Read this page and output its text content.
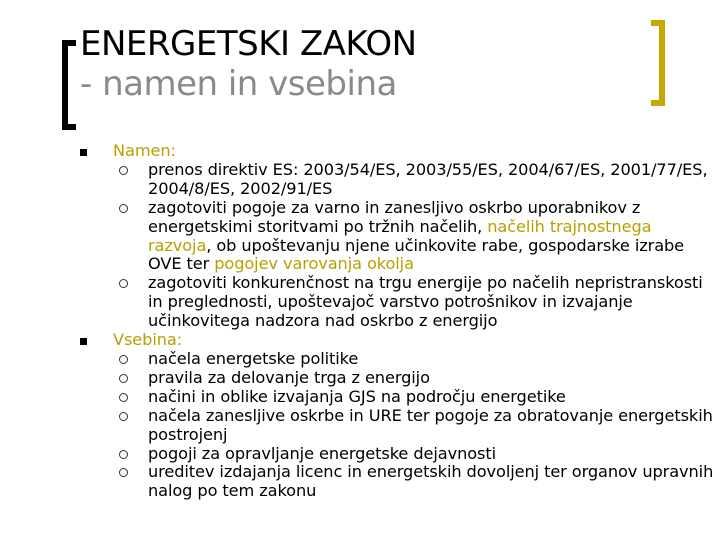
ENERGETSKI ZAKON
- namen in vsebina
Namen:
prenos direktiv ES: 2003/54/ES, 2003/55/ES, 2004/67/ES, 2001/77/ES, 2004/8/ES, 2002/91/ES
zagotoviti pogoje za varno in zanesljivo oskrbo uporabnikov z energetskimi storitvami po tržnih načelih, načelih trajnostnega razvoja, ob upoštevanju njene učinkovite rabe, gospodarske izrabe OVE ter pogojev varovanja okolja
zagotoviti konkurenčnost na trgu energije po načelih nepristranskosti in preglednosti, upoštevajoč varstvo potrošnikov in izvajanje učinkovitega nadzora nad oskrbo z energijo
Vsebina:
načela energetske politike
pravila za delovanje trga z energijo
načini in oblike izvajanja GJS na področju energetike
načela zanesljive oskrbe in URE ter pogoje za obratovanje energetskih postrojenj
pogoji za opravljanje energetske dejavnosti
ureditev izdajanja licenc in energetskih dovoljenj ter organov upravnih nalog po tem zakonu
